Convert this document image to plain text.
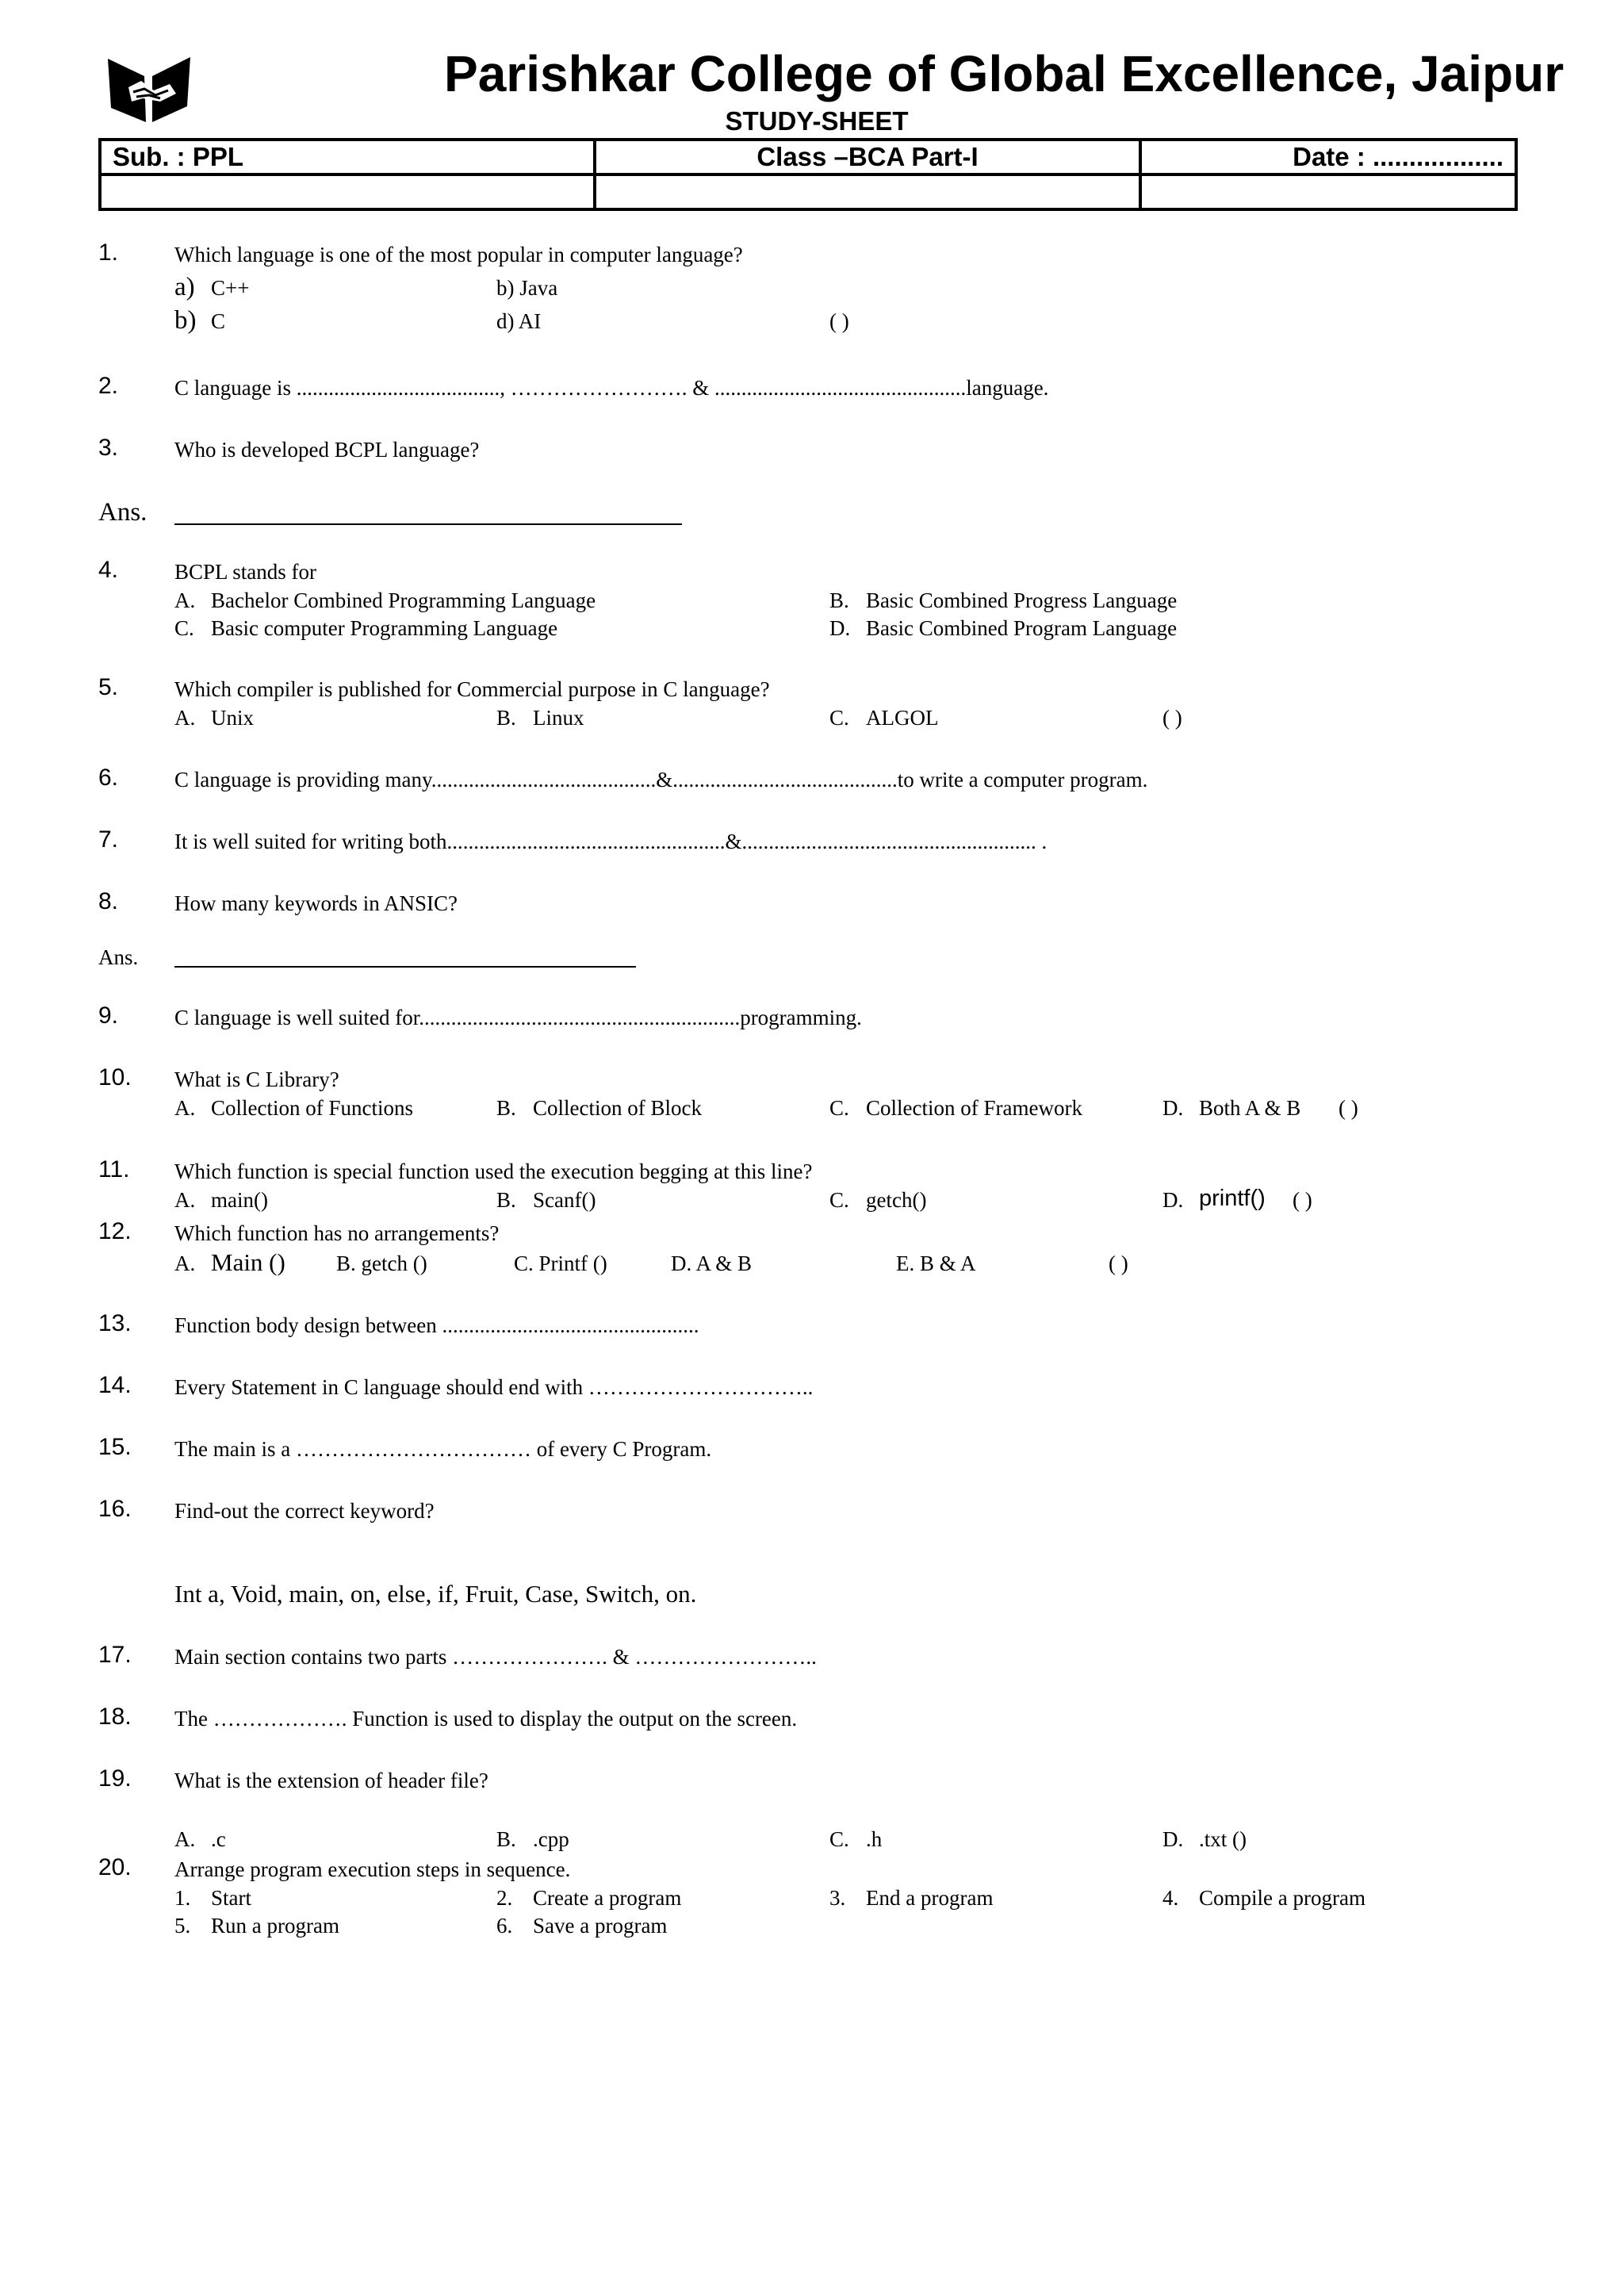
Parishkar College of Global Excellence, Jaipur
STUDY-SHEET
Sub. : PPL	Class –BCA Part-I	Date : ..................

1.	Which language is one of the most popular in computer language?
a) C++	b) Java
b) C	d) AI	( )
2.	C language is ......................................, ……………………. & ...............................................language.
3.	Who is developed BCPL language?
Ans.
4.	BCPL stands for
A. Bachelor Combined Programming Language	B. Basic Combined Progress Language
C. Basic computer Programming Language	D. Basic Combined Program Language
5.	Which compiler is published for Commercial purpose in C language?
A. Unix	B. Linux	C. ALGOL	( )
6.	C language is providing many..........................................&..........................................to write a computer program.
7.	It is well suited for writing both....................................................&....................................................... .
8.	How many keywords in ANSIC?
Ans.
9.	C language is well suited for............................................................programming.
10. What is C Library?
A. Collection of Functions	B. Collection of Block	C. Collection of Framework	D. Both A & B ( )
11. Which function is special function used the execution begging at this line?
A. main()	B. Scanf()	C. getch()	D. printf() ( )
12. Which function has no arrangements?
A. Main () B. getch ()	C. Printf ()	D. A & B	E. B & A	( )
13. Function body design between ................................................
14. Every Statement in C language should end with …………………………..
15. The main is a …………………………… of every C Program.
16. Find-out the correct keyword?
Int a, Void, main, on, else, if, Fruit, Case, Switch, on.
17. Main section contains two parts …………………. & ……………………..
18. The ………………. Function is used to display the output on the screen.
19. What is the extension of header file?
A. .c	B. .cpp	C. .h	D. .txt ()
20. Arrange program execution steps in sequence.
1. Start	2. Create a program	3. End a program	4. Compile a program
5. Run a program	6. Save a program
